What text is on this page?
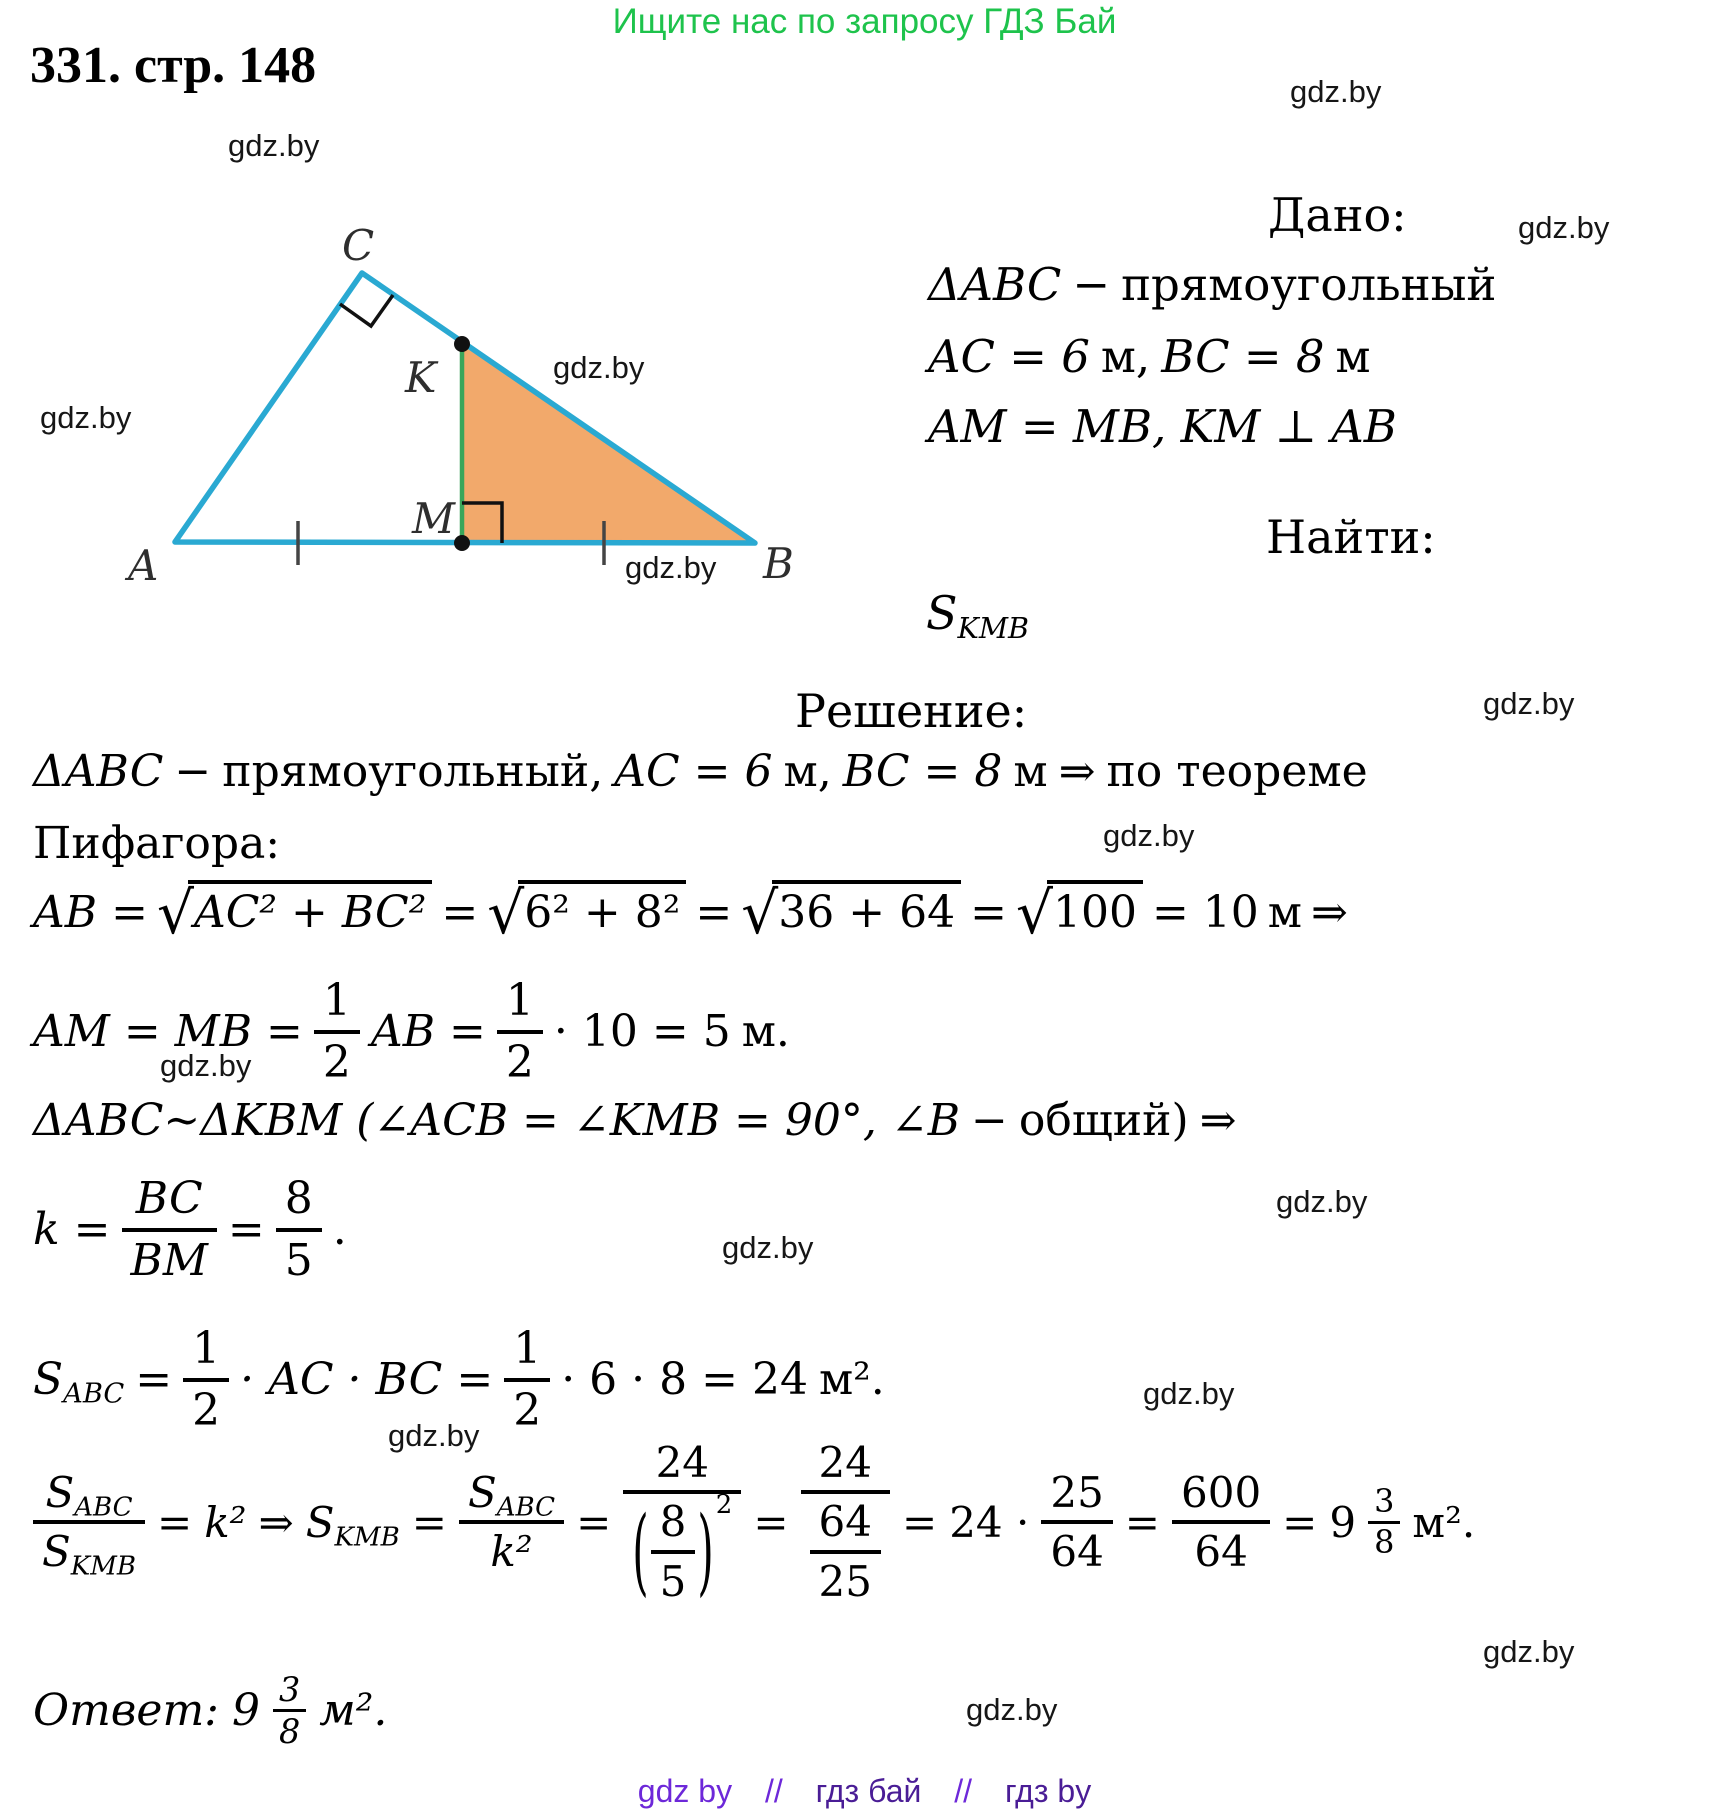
Ищите нас по запросу ГДЗ Бай
331. стр. 148
gdz.by
gdz.by
gdz.by
gdz.by
gdz.by
gdz.by
gdz.by
gdz.by
gdz.by
gdz.by
gdz.by
gdz.by
gdz.by
gdz.by
gdz.by
A	B
C
K
M
Дано:
ΔABC − прямоугольный
AC = 6 м, BC = 8 м
AM = MB, KM ⊥ AB
Найти:
$S_{KMB}$
Решение:
ΔABC − прямоугольный, AC = 6 м, BC = 8 м ⇒ по теореме
Пифагора:
AB = √ AC² + BC² = √ 6² + 8² = √ 36 + 64 = √ 100 = 10 м ⇒
AM = MB = $\frac{1}{2}$ AB = $\frac{1}{2} \cdot 10 = 5$ м.
ΔABC~ΔKBM (∠ACB = ∠KMB = 90°, ∠B − общий) ⇒
$k = \frac{BC}{BM} = \frac{8}{5}$ .
$S_{ABC} = \frac{1}{2}$ · AC · BC = $\frac{1}{2} \cdot 6 \cdot 8 = 24$ м².
$\frac{S_{ABC}}{S_{KMB}} = k^2$ ⇒ $S_{KMB} = \frac{S_{ABC}}{\text{k²}} = \frac{24}{( \frac{8}{5} ) 2} = \frac{24}{\frac{64}{25}} = 24 \cdot \frac{25}{64} = \frac{600}{64} = 9 \frac{3}{8} м^2$.
Ответ: $9 \frac{3}{8} м^2$.
gdz by // гдз бай // гдз by
